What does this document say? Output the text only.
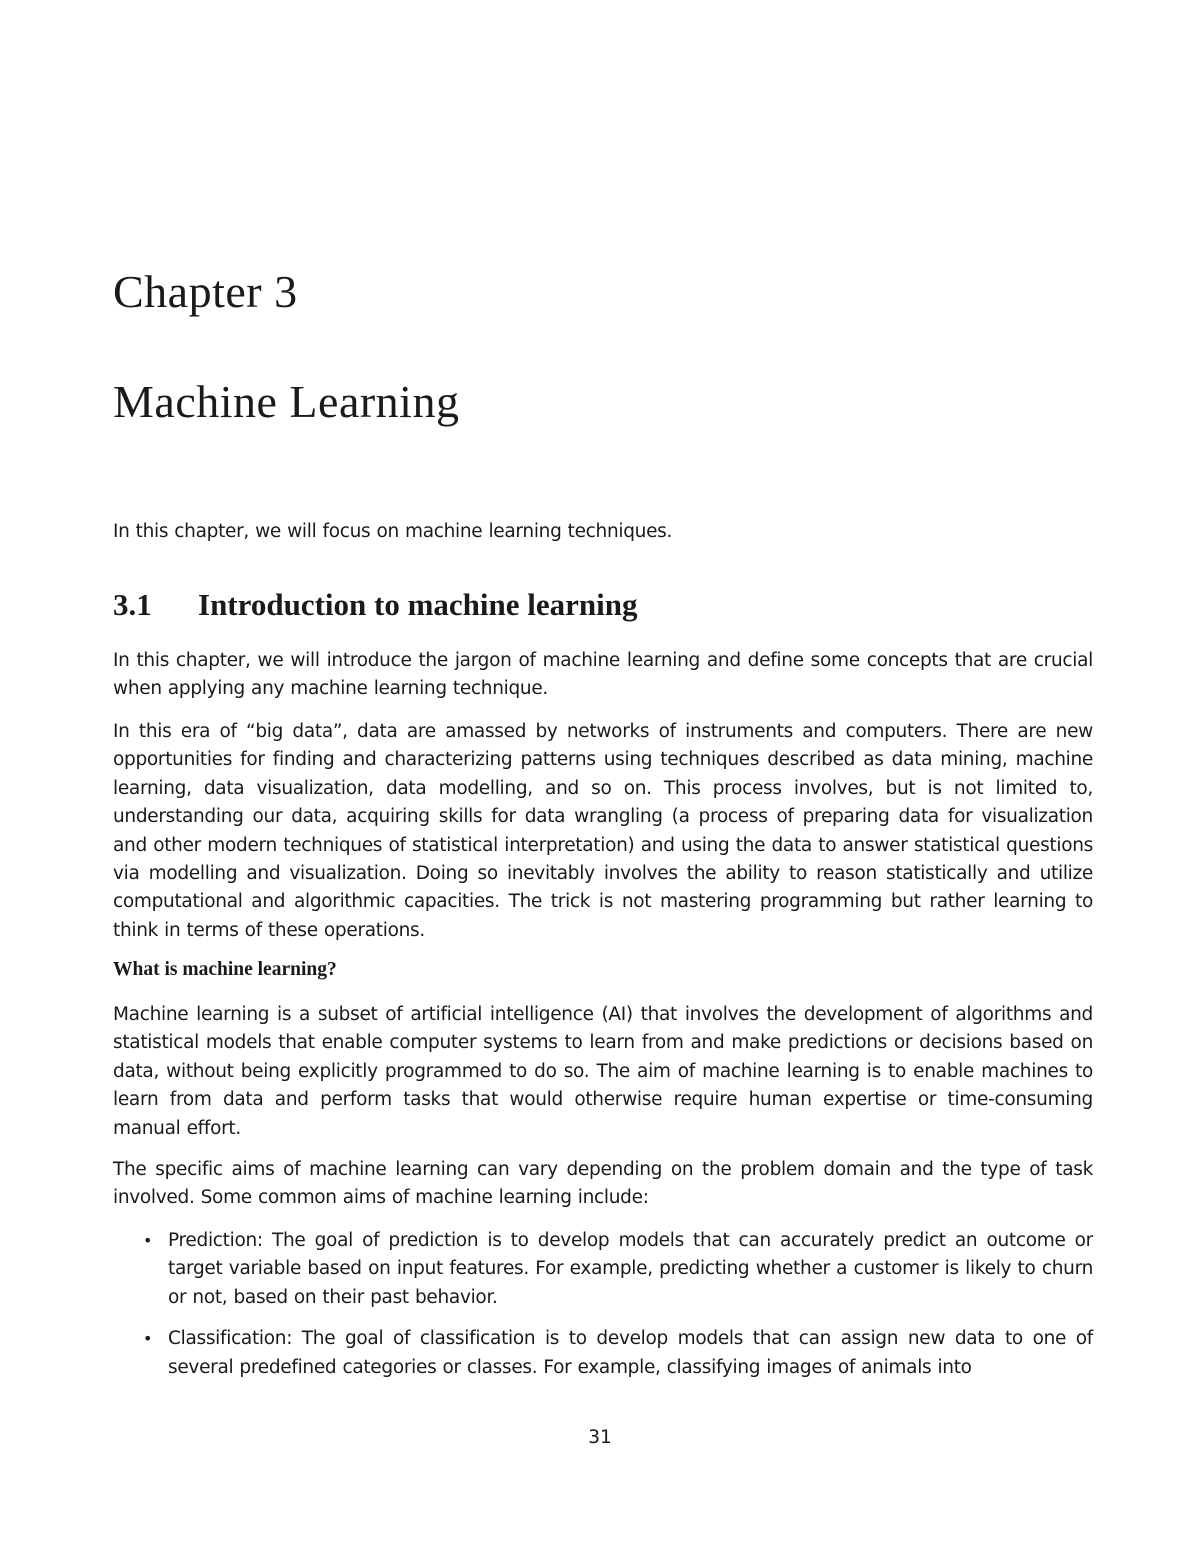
Chapter 3
Machine Learning

In this chapter, we will focus on machine learning techniques.

3.1 Introduction to machine learning

In this chapter, we will introduce the jargon of machine learning and define some concepts that are crucial when applying any machine learning technique.

In this era of “big data”, data are amassed by networks of instruments and computers. There are new opportunities for finding and characterizing patterns using techniques described as data mining, machine learning, data visualization, data modelling, and so on. This process involves, but is not limited to, understanding our data, acquiring skills for data wrangling (a process of preparing data for visualization and other modern techniques of statistical interpretation) and using the data to answer statistical questions via modelling and visualization. Doing so inevitably involves the ability to reason statistically and utilize computational and algorithmic capacities. The trick is not mastering programming but rather learning to think in terms of these operations.

What is machine learning?

Machine learning is a subset of artificial intelligence (AI) that involves the development of algorithms and statistical models that enable computer systems to learn from and make predictions or decisions based on data, without being explicitly programmed to do so. The aim of machine learning is to enable machines to learn from data and perform tasks that would otherwise require human expertise or time-consuming manual effort.

The specific aims of machine learning can vary depending on the problem domain and the type of task involved. Some common aims of machine learning include:

• Prediction: The goal of prediction is to develop models that can accurately predict an outcome or target variable based on input features. For example, predicting whether a customer is likely to churn or not, based on their past behavior.
• Classification: The goal of classification is to develop models that can assign new data to one of several predefined categories or classes. For example, classifying images of animals into

31
